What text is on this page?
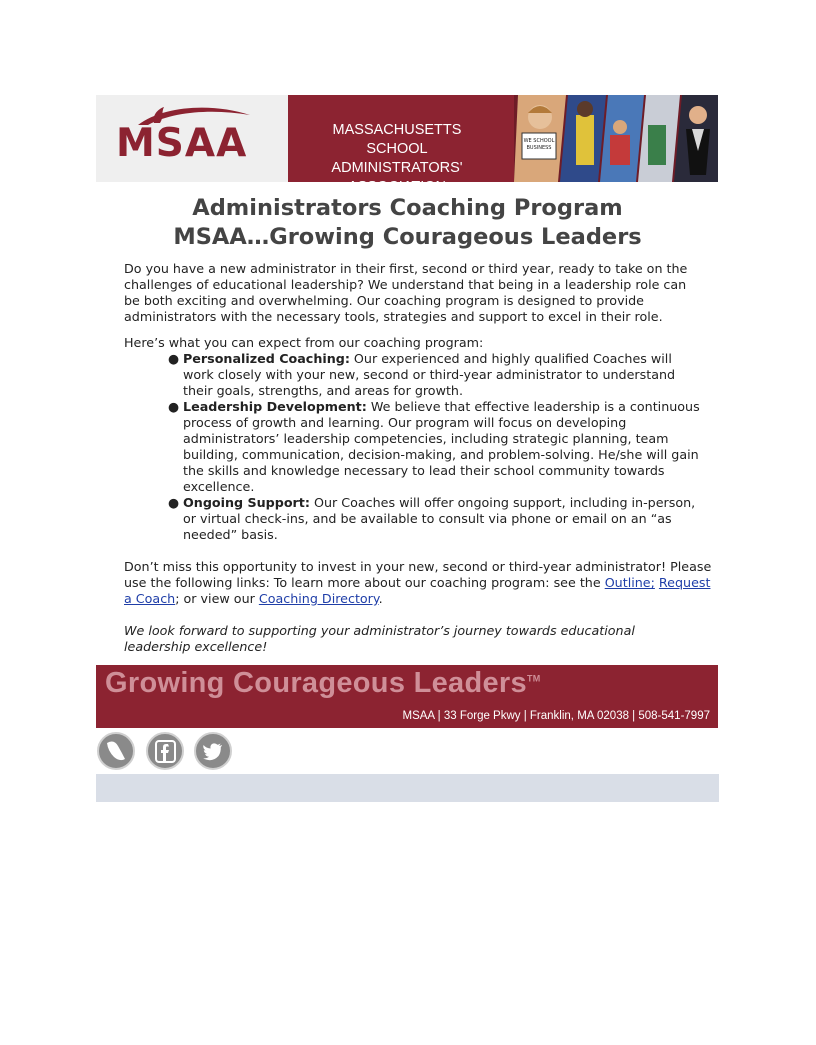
MSAA	MASSACHUSETTS SCHOOL
ADMINISTRATORS' ASSOCIATION
WE SCHOOL
BUSINESS
Administrators Coaching Program
MSAA…Growing Courageous Leaders

Do you have a new administrator in their first, second or third year, ready to take on the challenges of educational leadership? We understand that being in a leadership role can be both exciting and overwhelming. Our coaching program is designed to provide administrators with the necessary tools, strategies and support to excel in their role.

Here’s what you can expect from our coaching program:

● Personalized Coaching: Our experienced and highly qualified Coaches will work closely with your new, second or third-year administrator to understand their goals, strengths, and areas for growth.
● Leadership Development: We believe that effective leadership is a continuous process of growth and learning. Our program will focus on developing administrators’ leadership competencies, including strategic planning, team building, communication, decision-making, and problem-solving. He/she will gain the skills and knowledge necessary to lead their school community towards excellence.
● Ongoing Support: Our Coaches will offer ongoing support, including in-person, or virtual check-ins, and be available to consult via phone or email on an “as needed” basis.

Don’t miss this opportunity to invest in your new, second or third-year administrator! Please use the following links: To learn more about our coaching program: see the Outline; Request a Coach; or view our Coaching Directory.

We look forward to supporting your administrator’s journey towards educational leadership excellence!

Growing Courageous Leaders™
MSAA | 33 Forge Pkwy | Franklin, MA 02038 | 508-541-7997
